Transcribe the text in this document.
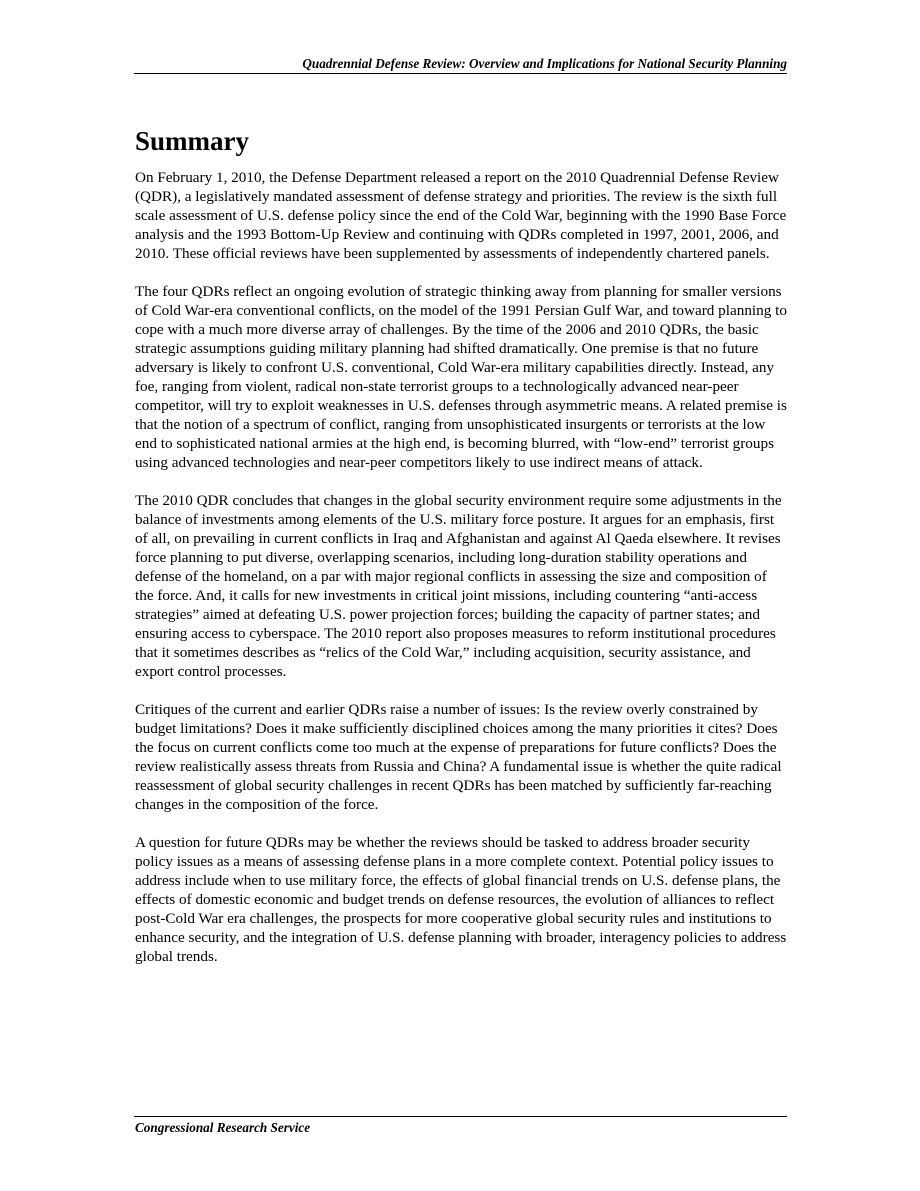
Quadrennial Defense Review: Overview and Implications for National Security Planning
Summary

On February 1, 2010, the Defense Department released a report on the 2010 Quadrennial Defense Review (QDR), a legislatively mandated assessment of defense strategy and priorities. The review is the sixth full scale assessment of U.S. defense policy since the end of the Cold War, beginning with the 1990 Base Force analysis and the 1993 Bottom-Up Review and continuing with QDRs completed in 1997, 2001, 2006, and 2010. These official reviews have been supplemented by assessments of independently chartered panels.

The four QDRs reflect an ongoing evolution of strategic thinking away from planning for smaller versions of Cold War-era conventional conflicts, on the model of the 1991 Persian Gulf War, and toward planning to cope with a much more diverse array of challenges. By the time of the 2006 and 2010 QDRs, the basic strategic assumptions guiding military planning had shifted dramatically. One premise is that no future adversary is likely to confront U.S. conventional, Cold War-era military capabilities directly. Instead, any foe, ranging from violent, radical non-state terrorist groups to a technologically advanced near-peer competitor, will try to exploit weaknesses in U.S. defenses through asymmetric means. A related premise is that the notion of a spectrum of conflict, ranging from unsophisticated insurgents or terrorists at the low end to sophisticated national armies at the high end, is becoming blurred, with “low-end” terrorist groups using advanced technologies and near-peer competitors likely to use indirect means of attack.

The 2010 QDR concludes that changes in the global security environment require some adjustments in the balance of investments among elements of the U.S. military force posture. It argues for an emphasis, first of all, on prevailing in current conflicts in Iraq and Afghanistan and against Al Qaeda elsewhere. It revises force planning to put diverse, overlapping scenarios, including long-duration stability operations and defense of the homeland, on a par with major regional conflicts in assessing the size and composition of the force. And, it calls for new investments in critical joint missions, including countering “anti-access strategies” aimed at defeating U.S. power projection forces; building the capacity of partner states; and ensuring access to cyberspace. The 2010 report also proposes measures to reform institutional procedures that it sometimes describes as “relics of the Cold War,” including acquisition, security assistance, and export control processes.

Critiques of the current and earlier QDRs raise a number of issues: Is the review overly constrained by budget limitations? Does it make sufficiently disciplined choices among the many priorities it cites? Does the focus on current conflicts come too much at the expense of preparations for future conflicts? Does the review realistically assess threats from Russia and China? A fundamental issue is whether the quite radical reassessment of global security challenges in recent QDRs has been matched by sufficiently far-reaching changes in the composition of the force.

A question for future QDRs may be whether the reviews should be tasked to address broader security policy issues as a means of assessing defense plans in a more complete context. Potential policy issues to address include when to use military force, the effects of global financial trends on U.S. defense plans, the effects of domestic economic and budget trends on defense resources, the evolution of alliances to reflect post-Cold War era challenges, the prospects for more cooperative global security rules and institutions to enhance security, and the integration of U.S. defense planning with broader, interagency policies to address global trends.

Congressional Research Service
